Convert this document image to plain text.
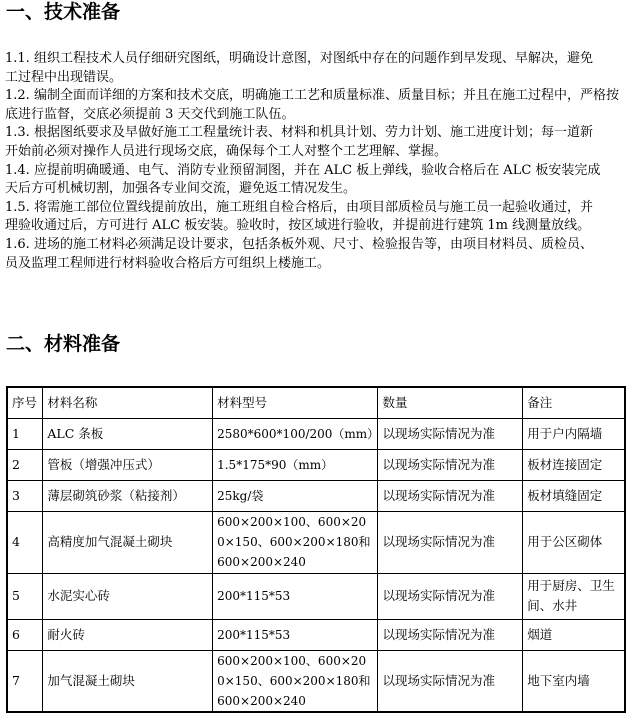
一、技术准备
1.1. 组织工程技术人员仔细研究图纸，明确设计意图，对图纸中存在的问题作到早发现、早解决，避免
工过程中出现错误。
1.2. 编制全面而详细的方案和技术交底，明确施工工艺和质量标准、质量目标；并且在施工过程中，严格按
底进行监督，交底必须提前 3 天交代到施工队伍。
1.3. 根据图纸要求及早做好施工工程量统计表、材料和机具计划、劳力计划、施工进度计划；每一道新
开始前必须对操作人员进行现场交底，确保每个工人对整个工艺理解、掌握。
1.4. 应提前明确暖通、电气、消防专业预留洞图，并在 ALC 板上弹线，验收合格后在 ALC 板安装完成
天后方可机械切割，加强各专业间交流，避免返工情况发生。
1.5. 将需施工部位位置线提前放出，施工班组自检合格后，由项目部质检员与施工员一起验收通过，并
理验收通过后，方可进行 ALC 板安装。验收时，按区域进行验收，并提前进行建筑 1m 线测量放线。
1.6. 进场的施工材料必须满足设计要求，包括条板外观、尺寸、检验报告等，由项目材料员、质检员、
员及监理工程师进行材料验收合格后方可组织上楼施工。
二、材料准备
序号	材料名称	材料型号	数量	备注
1	ALC 条板	2580*600*100/200（mm）	以现场实际情况为准	用于户内隔墙
2	管板（增强冲压式）	1.5*175*90（mm）	以现场实际情况为准	板材连接固定
3	薄层砌筑砂浆（粘接剂）	25kg/袋	以现场实际情况为准	板材填缝固定
4	高精度加气混凝土砌块	600×200×100、600×200×150、600×200×180和600×200×240	以现场实际情况为准	用于公区砌体
5	水泥实心砖	200*115*53	以现场实际情况为准	用于厨房、卫生间、水井
6	耐火砖	200*115*53	以现场实际情况为准	烟道
7	加气混凝土砌块	600×200×100、600×200×150、600×200×180和600×200×240	以现场实际情况为准	地下室内墙
